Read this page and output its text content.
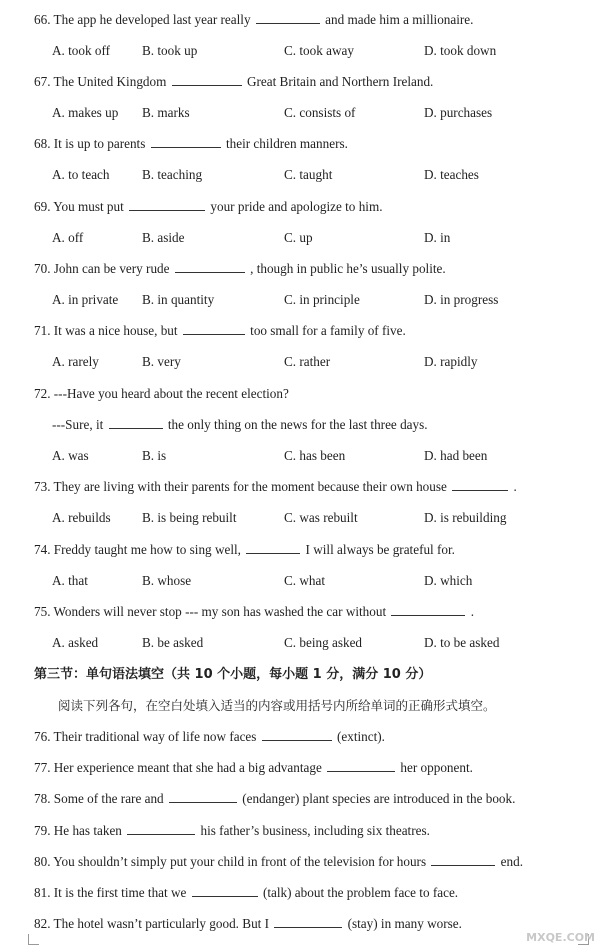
MXQE.COM
66. The app he developed last year really	and made him a millionaire.
A. took off B. took up	C. took away	D. took down
67. The United Kingdom	Great Britain and Northern Ireland.
A. makes up B. marks	C. consists of	D. purchases
68. It is up to parents	their children manners.
A. to teach B. teaching	C. taught	D. teaches
69. You must put	your pride and apologize to him.
A. off	B. aside	C. up	D. in
70. John can be very rude	, though in public he’s usually polite.
A. in private B. in quantity	C. in principle	D. in progress
71. It was a nice house, but	too small for a family of five.
A. rarely	B. very	C. rather	D. rapidly
72. ---Have you heard about the recent election?
---Sure, it	the only thing on the news for the last three days.
A. was	B. is	C. has been	D. had been
73. They are living with their parents for the moment because their own house	.
A. rebuilds B. is being rebuilt	C. was rebuilt	D. is rebuilding
74. Freddy taught me how to sing well,	I will always be grateful for.
A. that	B. whose	C. what	D. which
75. Wonders will never stop --- my son has washed the car without	.
A. asked	B. be asked	C. being asked	D. to be asked
第三节：单句语法填空（共 10 个小题，每小题 1 分，满分 10 分）
阅读下列各句，在空白处填入适当的内容或用括号内所给单词的正确形式填空。
76. Their traditional way of life now faces	(extinct).
77. Her experience meant that she had a big advantage	her opponent.
78. Some of the rare and	(endanger) plant species are introduced in the book.
79. He has taken	his father’s business, including six theatres.
80. You shouldn’t simply put your child in front of the television for hours	end.
81. It is the first time that we	(talk) about the problem face to face.
82. The hotel wasn’t particularly good. But I	(stay) in many worse.
